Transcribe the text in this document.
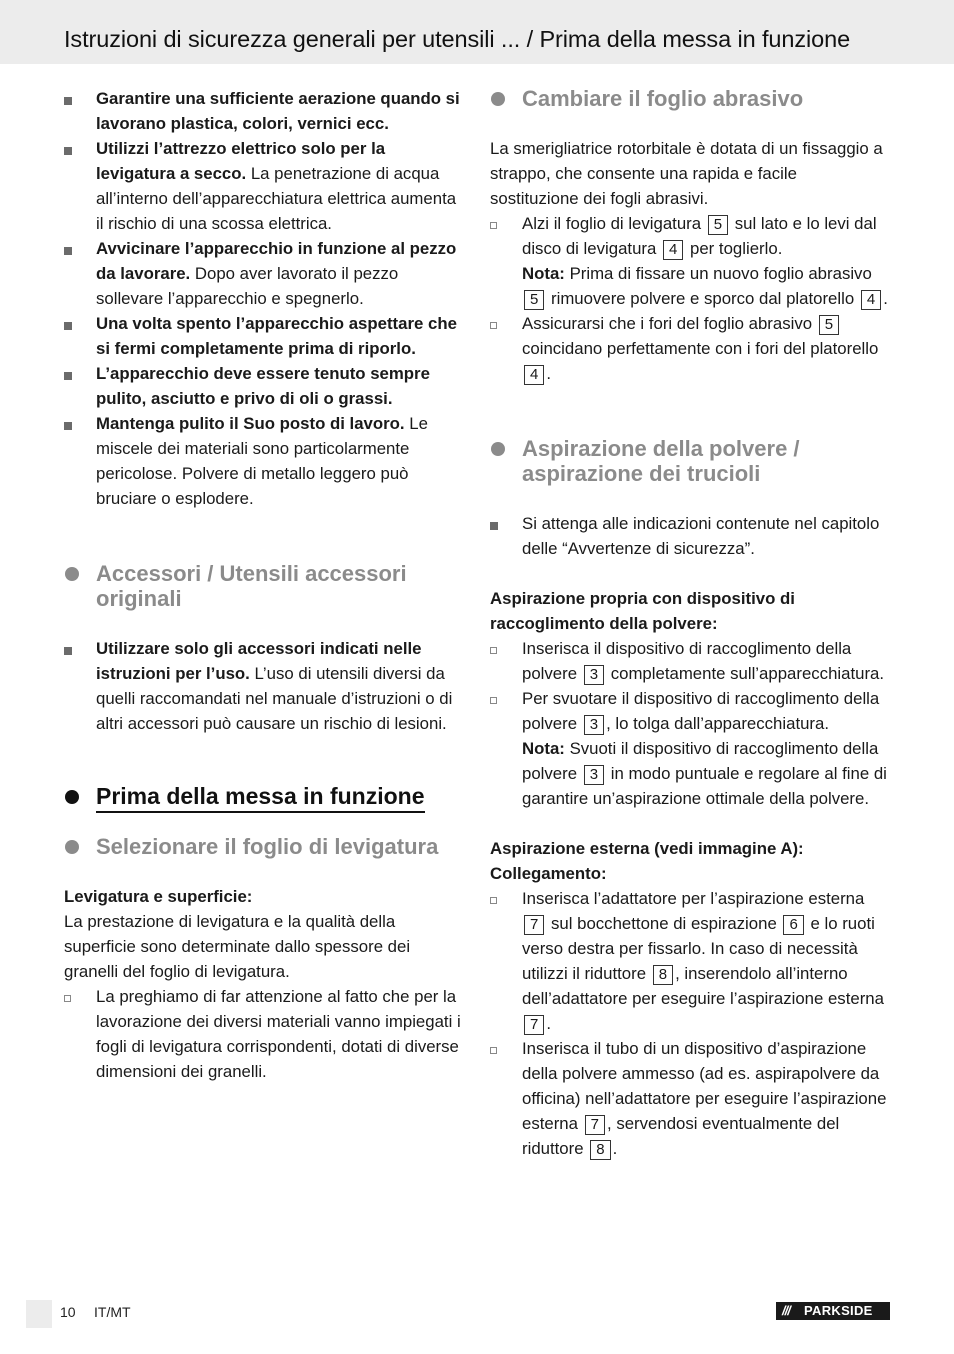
Istruzioni di sicurezza generali per utensili ... / Prima della messa in funzione
Garantire una sufficiente aerazione quando si lavorano plastica, colori, vernici ecc.
Utilizzi l’attrezzo elettrico solo per la levigatura a secco. La penetrazione di acqua all’interno dell’apparecchiatura elettrica aumenta il rischio di una scossa elettrica.
Avvicinare l’apparecchio in funzione al pezzo da lavorare. Dopo aver lavorato il pezzo sollevare l’apparecchio e spegnerlo.
Una volta spento l’apparecchio aspettare che si fermi completamente prima di riporlo.
L’apparecchio deve essere tenuto sempre pulito, asciutto e privo di oli o grassi.
Mantenga pulito il Suo posto di lavoro. Le miscele dei materiali sono particolarmente pericolose. Polvere di metallo leggero può bruciare o esplodere.
Accessori / Utensili accessori originali
Utilizzare solo gli accessori indicati nelle istruzioni per l’uso. L’uso di utensili diversi da quelli raccomandati nel manuale d’istruzioni o di altri accessori può causare un rischio di lesioni.
Prima della messa in funzione
Selezionare il foglio di levigatura
Levigatura e superficie:
La prestazione di levigatura e la qualità della superficie sono determinate dallo spessore dei granelli del foglio di levigatura.
La preghiamo di far attenzione al fatto che per la lavorazione dei diversi materiali vanno impiegati i fogli di levigatura corrispondenti, dotati di diverse dimensioni dei granelli.
Cambiare il foglio abrasivo
La smerigliatrice rotorbitale è dotata di un fissaggio a strappo, che consente una rapida e facile sostituzione dei fogli abrasivi.
Alzi il foglio di levigatura 5 sul lato e lo levi dal disco di levigatura 4 per toglierlo.
Nota: Prima di fissare un nuovo foglio abrasivo 5 rimuovere polvere e sporco dal platorello 4 .
Assicurarsi che i fori del foglio abrasivo 5 coincidano perfettamente con i fori del platorello 4 .
Aspirazione della polvere / aspirazione dei trucioli
Si attenga alle indicazioni contenute nel capitolo delle “Avvertenze di sicurezza”.
Aspirazione propria con dispositivo di raccoglimento della polvere:
Inserisca il dispositivo di raccoglimento della polvere 3 completamente sull’apparecchiatura.
Per svuotare il dispositivo di raccoglimento della polvere 3 , lo tolga dall’apparecchiatura.
Nota: Svuoti il dispositivo di raccoglimento della polvere 3 in modo puntuale e regolare al fine di garantire un’aspirazione ottimale della polvere.
Aspirazione esterna (vedi immagine A):
Collegamento:
Inserisca l’adattatore per l’aspirazione esterna 7 sul bocchettone di espirazione 6 e lo ruoti verso destra per fissarlo. In caso di necessità utilizzi il riduttore 8 , inserendolo all’interno dell’adattatore per eseguire l’aspirazione esterna 7 .
Inserisca il tubo di un dispositivo d’aspirazione della polvere ammesso (ad es. aspirapolvere da officina) nell’adattatore per eseguire l’aspirazione esterna 7 , servendosi eventualmente del riduttore 8 .
10 IT/MT	/// PARKSIDE
